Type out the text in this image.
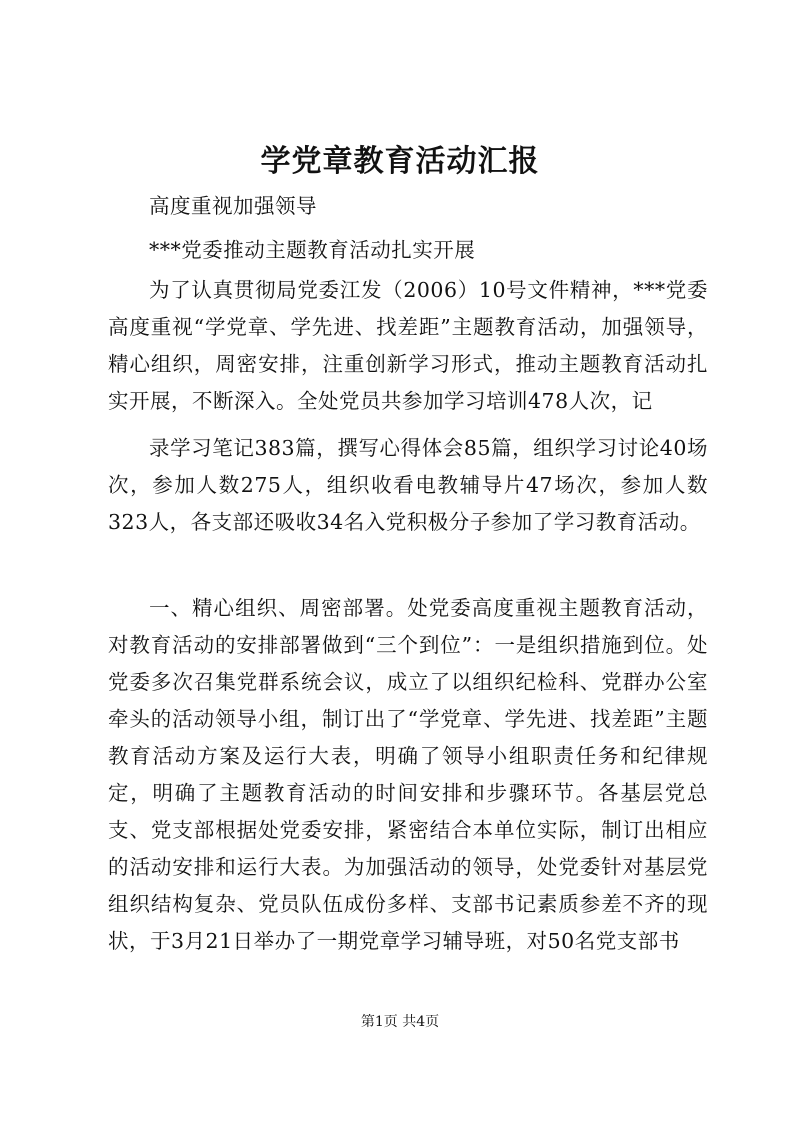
学党章教育活动汇报

高度重视加强领导

***党委推动主题教育活动扎实开展

为了认真贯彻局党委江发（2006）10号文件精神，***党委高度重视“学党章、学先进、找差距”主题教育活动，加强领导，精心组织，周密安排，注重创新学习形式，推动主题教育活动扎实开展，不断深入。全处党员共参加学习培训478人次，记

录学习笔记383篇，撰写心得体会85篇，组织学习讨论40场次，参加人数275人，组织收看电教辅导片47场次，参加人数323人，各支部还吸收34名入党积极分子参加了学习教育活动。

一、精心组织、周密部署。处党委高度重视主题教育活动，对教育活动的安排部署做到“三个到位”：一是组织措施到位。处党委多次召集党群系统会议，成立了以组织纪检科、党群办公室牵头的活动领导小组，制订出了“学党章、学先进、找差距”主题教育活动方案及运行大表，明确了领导小组职责任务和纪律规定，明确了主题教育活动的时间安排和步骤环节。各基层党总支、党支部根据处党委安排，紧密结合本单位实际，制订出相应的活动安排和运行大表。为加强活动的领导，处党委针对基层党组织结构复杂、党员队伍成份多样、支部书记素质参差不齐的现状，于3月21日举办了一期党章学习辅导班，对50名党支部书

第1页 共4页
